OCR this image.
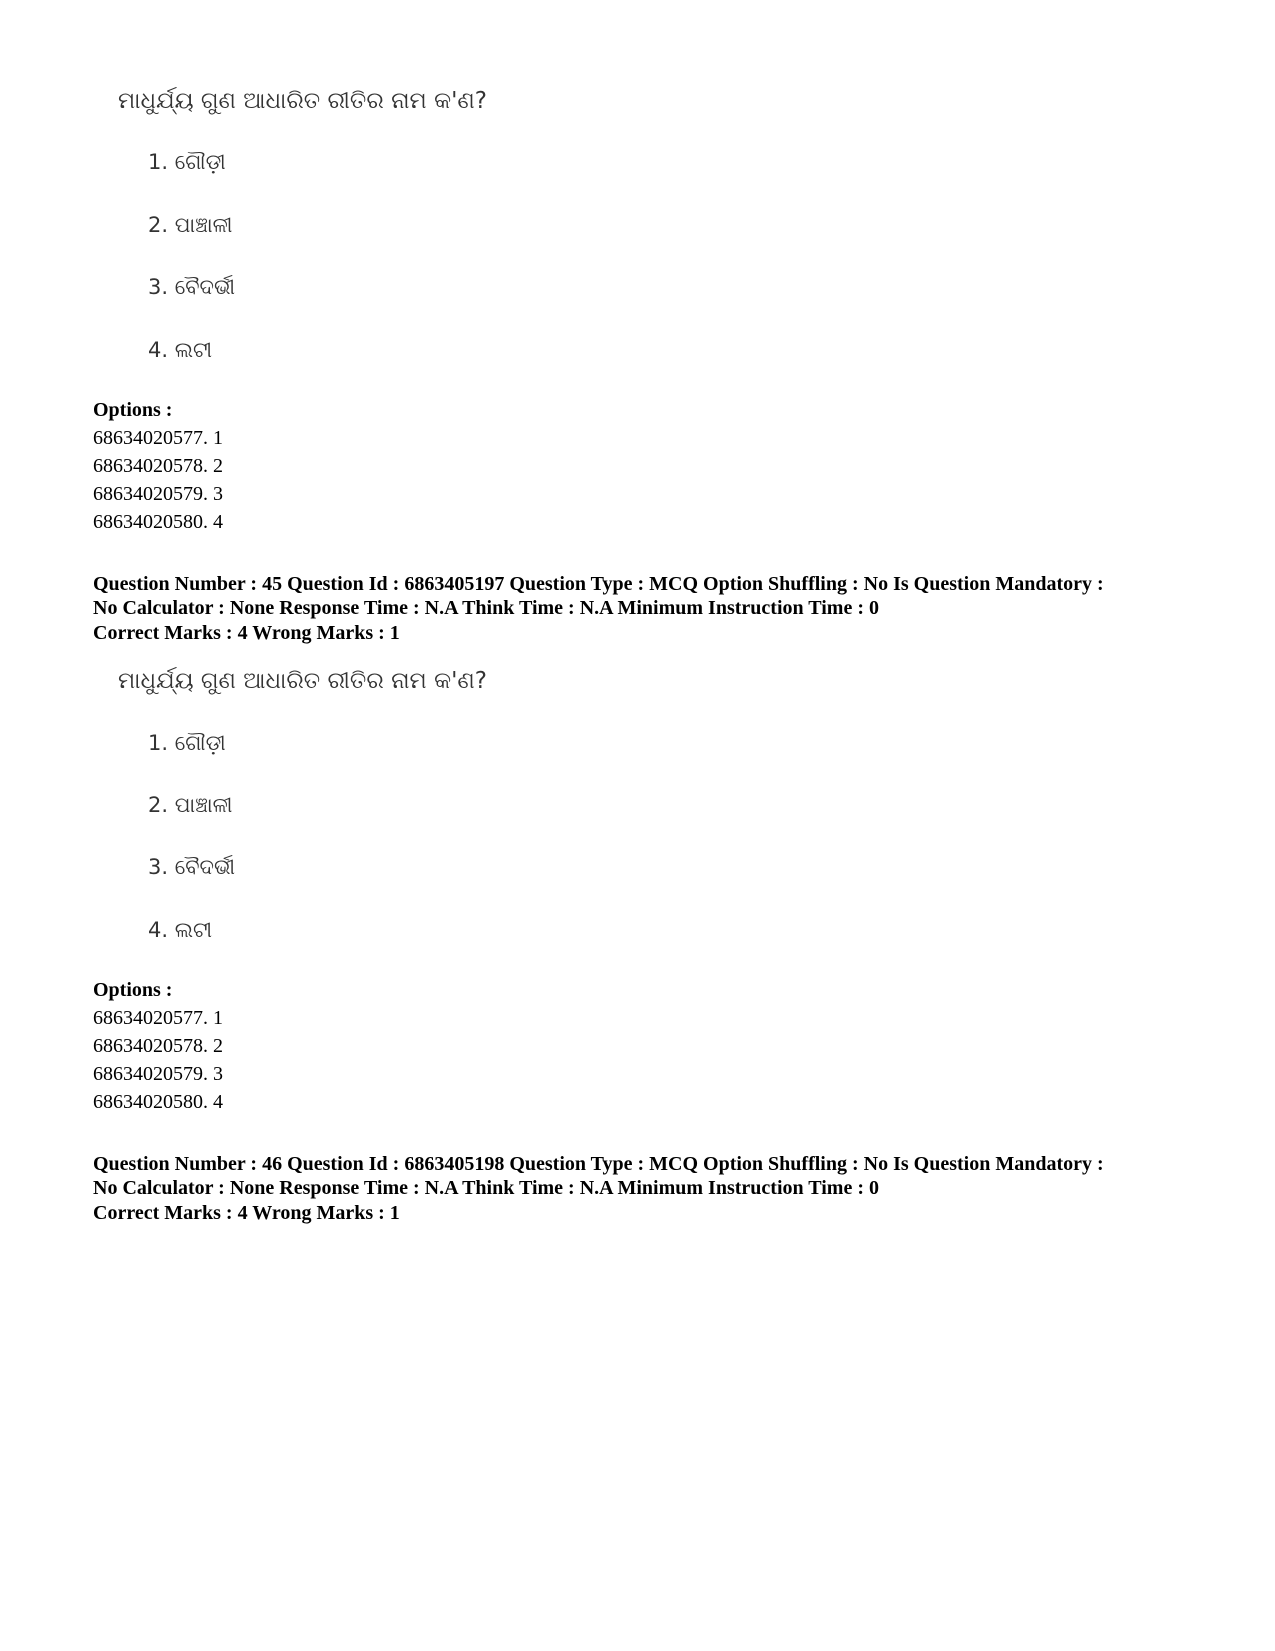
ମାଧୁର୍ଯ୍ୟ ଗୁଣ ଆଧାରିତ ରୀତିର ନାମ କ'ଣ?

1. ଗୌଡ଼ୀ
2. ପାଞ୍ଚାଳୀ
3. ବୈଦର୍ଭୀ
4. ଲଟୀ
Options :
68634020577. 1
68634020578. 2
68634020579. 3
68634020580. 4
Question Number : 45 Question Id : 6863405197 Question Type : MCQ Option Shuffling : No Is Question Mandatory :
No Calculator : None Response Time : N.A Think Time : N.A Minimum Instruction Time : 0
Correct Marks : 4 Wrong Marks : 1

ମାଧୁର୍ଯ୍ୟ ଗୁଣ ଆଧାରିତ ରୀତିର ନାମ କ'ଣ?

1. ଗୌଡ଼ୀ
2. ପାଞ୍ଚାଳୀ
3. ବୈଦର୍ଭୀ
4. ଲଟୀ
Options :
68634020577. 1
68634020578. 2
68634020579. 3
68634020580. 4
Question Number : 46 Question Id : 6863405198 Question Type : MCQ Option Shuffling : No Is Question Mandatory :
No Calculator : None Response Time : N.A Think Time : N.A Minimum Instruction Time : 0
Correct Marks : 4 Wrong Marks : 1
